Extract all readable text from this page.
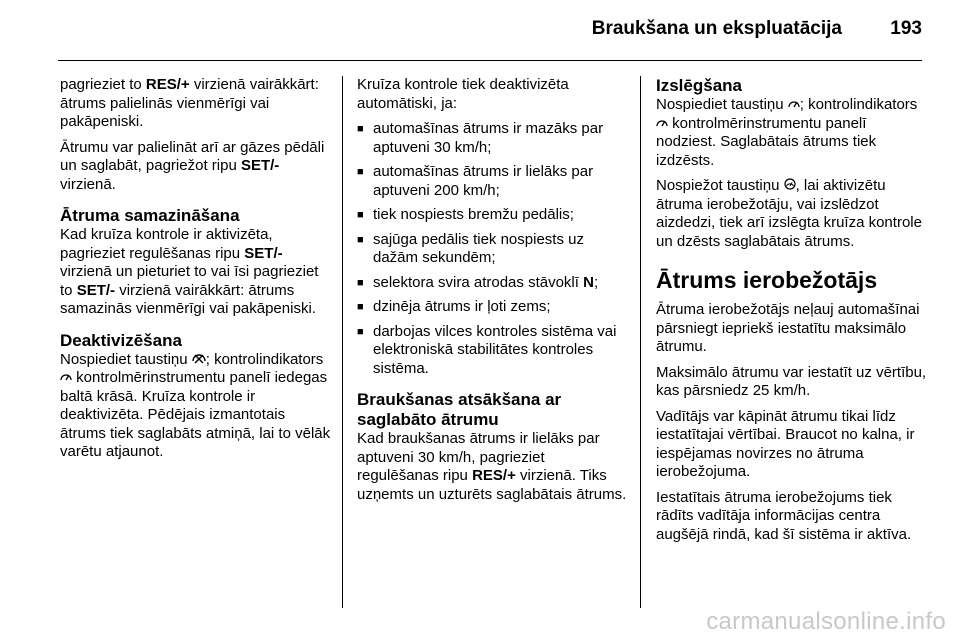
Braukšana un ekspluatācija	193

pagrieziet to RES/+ virzienā vairākkārt: ātrums palielinās vienmērīgi vai pakāpeniski.

Ātrumu var palielināt arī ar gāzes pēdāli un saglabāt, pagriežot ripu SET/- virzienā.

Ātruma samazināšana

Kad kruīza kontrole ir aktivizēta, pagrieziet regulēšanas ripu SET/- virzienā un pieturiet to vai īsi pagrieziet to SET/- virzienā vairākkārt: ātrums samazinās vienmērīgi vai pakāpeniski.

Deaktivizēšana

Nospiediet taustiņu ; kontrolindikators  kontrolmērinstrumentu panelī iedegas baltā krāsā. Kruīza kontrole ir deaktivizēta. Pēdējais izmantotais ātrums tiek saglabāts atmiņā, lai to vēlāk varētu atjaunot.

Kruīza kontrole tiek deaktivizēta automātiski, ja:

■ automašīnas ātrums ir mazāks par aptuveni 30 km/h;
■ automašīnas ātrums ir lielāks par aptuveni 200 km/h;
■ tiek nospiests bremžu pedālis;
■ sajūga pedālis tiek nospiests uz dažām sekundēm;
■ selektora svira atrodas stāvoklī N;
■ dzinēja ātrums ir ļoti zems;
■ darbojas vilces kontroles sistēma vai elektroniskā stabilitātes kontroles sistēma.
Braukšanas atsākšana ar saglabāto ātrumu

Kad braukšanas ātrums ir lielāks par aptuveni 30 km/h, pagrieziet regulēšanas ripu RES/+ virzienā. Tiks uzņemts un uzturēts saglabātais ātrums.

Izslēgšana

Nospiediet taustiņu ; kontrolindikators  kontrolmērinstrumentu panelī nodziest. Saglabātais ātrums tiek izdzēsts.

Nospiežot taustiņu , lai aktivizētu ātruma ierobežotāju, vai izslēdzot aizdedzi, tiek arī izslēgta kruīza kontrole un dzēsts saglabātais ātrums.

Ātrums ierobežotājs

Ātruma ierobežotājs neļauj automašīnai pārsniegt iepriekš iestatītu maksimālo ātrumu.

Maksimālo ātrumu var iestatīt uz vērtību, kas pārsniedz 25 km/h.

Vadītājs var kāpināt ātrumu tikai līdz iestatītajai vērtībai. Braucot no kalna, ir iespējamas novirzes no ātruma ierobežojuma.

Iestatītais ātruma ierobežojums tiek rādīts vadītāja informācijas centra augšējā rindā, kad šī sistēma ir aktīva.

carmanualsonline.info
